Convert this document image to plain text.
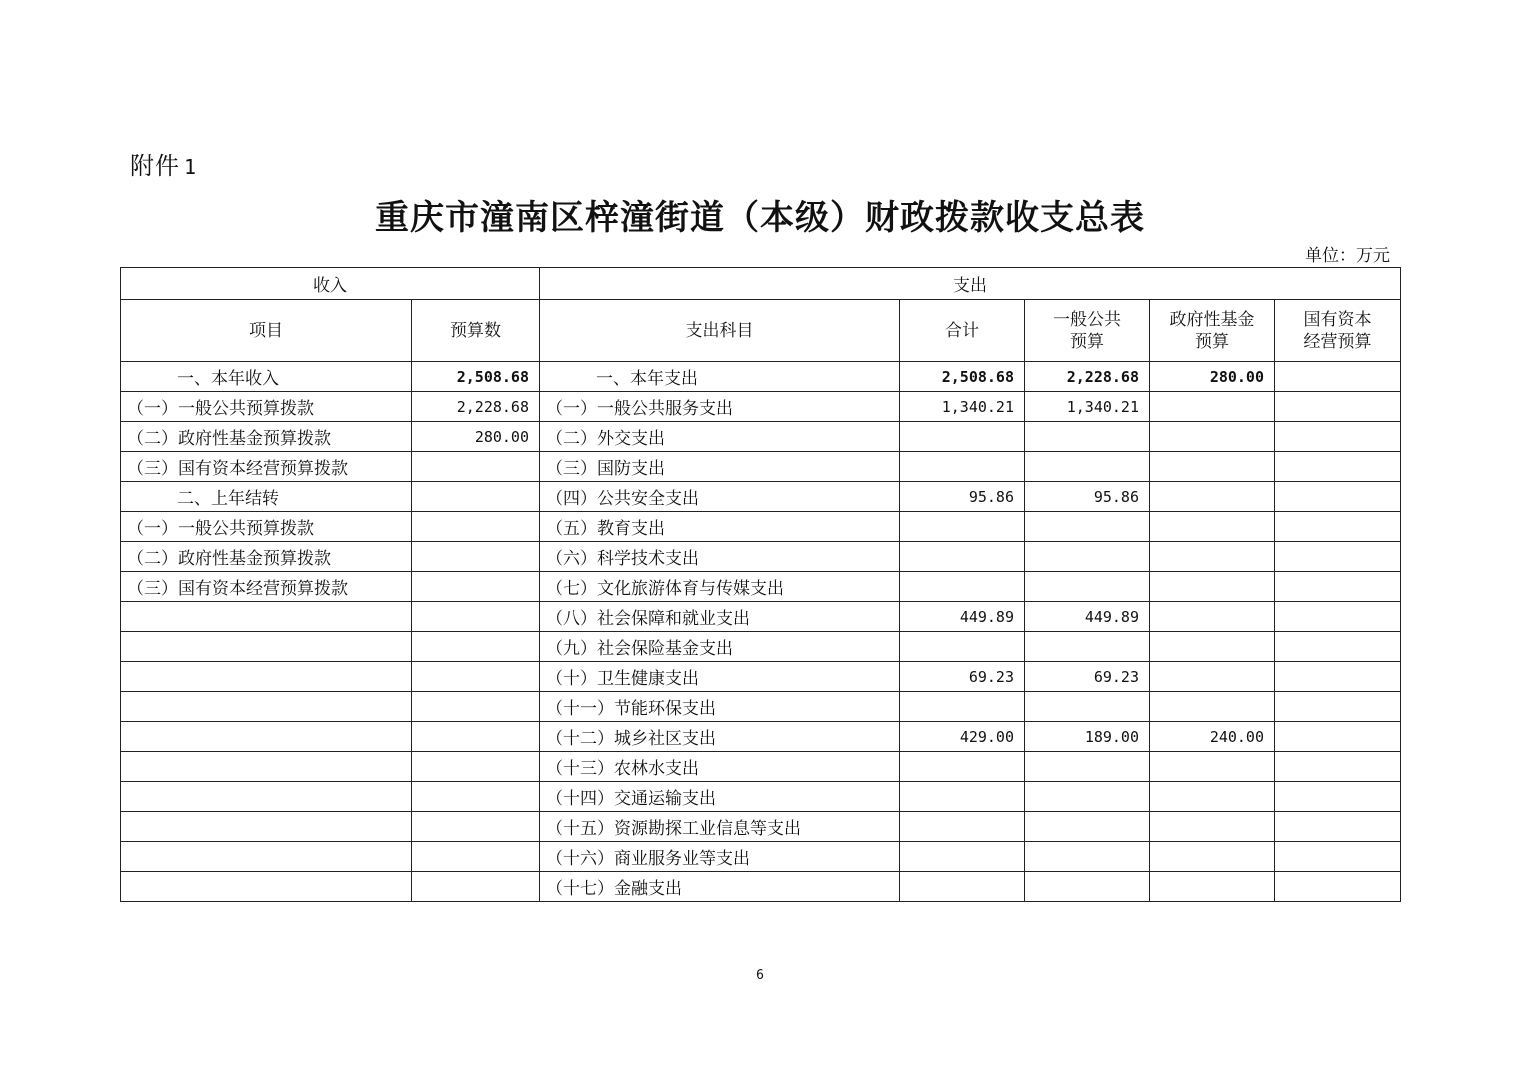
附件 1
重庆市潼南区梓潼街道（本级）财政拨款收支总表
单位：万元
收入		支出				
项目	预算数	支出科目	合计	一般公共预算	政府性基金预算	国有资本经营预算
一、本年收入	2,508.68	一、本年支出	2,508.68	2,228.68	280.00	
（一）一般公共预算拨款	2,228.68	（一）一般公共服务支出	1,340.21	1,340.21		
（二）政府性基金预算拨款	280.00	（二）外交支出				
（三）国有资本经营预算拨款		（三）国防支出				
二、上年结转		（四）公共安全支出	95.86	95.86		
（一）一般公共预算拨款		（五）教育支出				
（二）政府性基金预算拨款		（六）科学技术支出				
（三）国有资本经营预算拨款		（七）文化旅游体育与传媒支出				
		（八）社会保障和就业支出	449.89	449.89		
		（九）社会保险基金支出				
		（十）卫生健康支出	69.23	69.23		
		（十一）节能环保支出				
		（十二）城乡社区支出	429.00	189.00	240.00	
		（十三）农林水支出				
		（十四）交通运输支出				
		（十五）资源勘探工业信息等支出				
		（十六）商业服务业等支出				
		（十七）金融支出				
6
